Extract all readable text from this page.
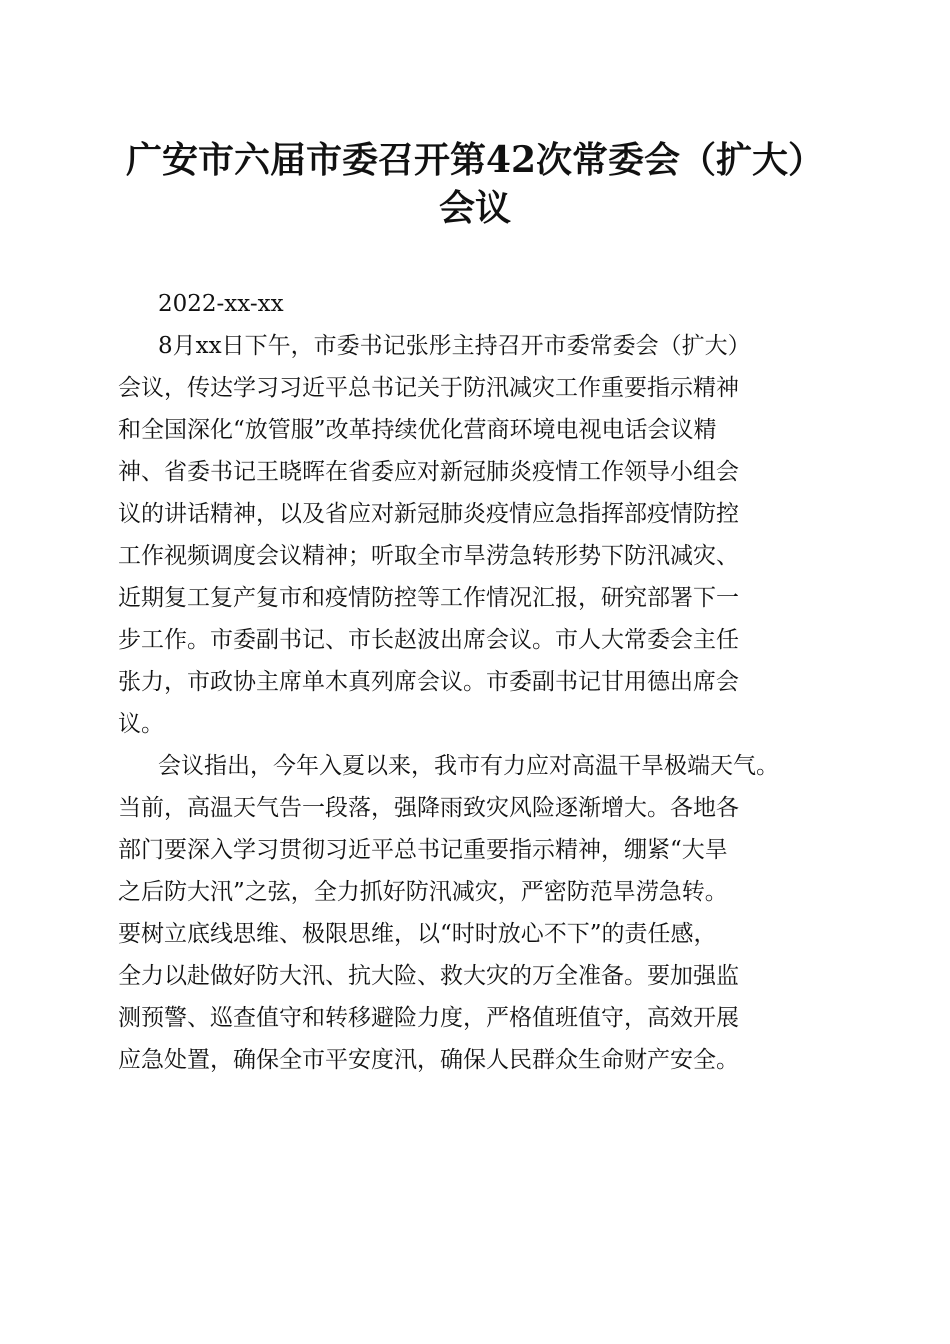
广安市六届市委召开第42次常委会（扩大）
会议
2022-xx-xx
8月xx日下午，市委书记张彤主持召开市委常委会（扩大）
会议，传达学习习近平总书记关于防汛减灾工作重要指示精神
和全国深化“放管服”改革持续优化营商环境电视电话会议精
神、省委书记王晓晖在省委应对新冠肺炎疫情工作领导小组会
议的讲话精神，以及省应对新冠肺炎疫情应急指挥部疫情防控
工作视频调度会议精神；听取全市旱涝急转形势下防汛减灾、
近期复工复产复市和疫情防控等工作情况汇报，研究部署下一
步工作。市委副书记、市长赵波出席会议。市人大常委会主任
张力，市政协主席单木真列席会议。市委副书记甘用德出席会
议。
会议指出，今年入夏以来，我市有力应对高温干旱极端天气。
当前，高温天气告一段落，强降雨致灾风险逐渐增大。各地各
部门要深入学习贯彻习近平总书记重要指示精神，绷紧“大旱
之后防大汛”之弦，全力抓好防汛减灾，严密防范旱涝急转。
要树立底线思维、极限思维，以“时时放心不下”的责任感，
全力以赴做好防大汛、抗大险、救大灾的万全准备。要加强监
测预警、巡查值守和转移避险力度，严格值班值守，高效开展
应急处置，确保全市平安度汛，确保人民群众生命财产安全。
